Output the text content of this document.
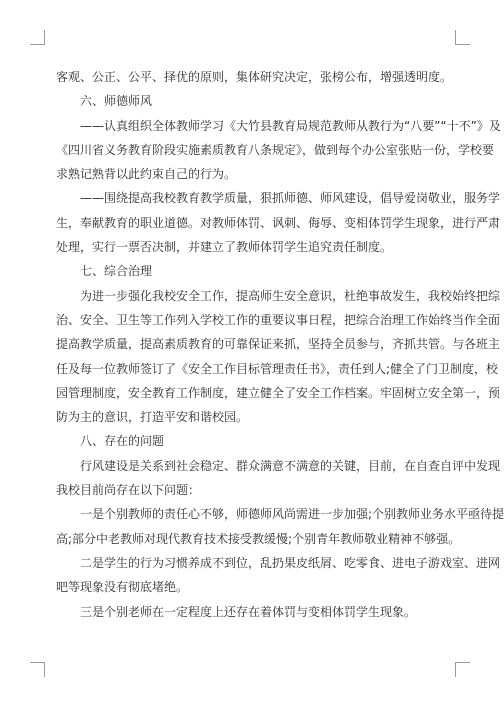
客观、公正、公平、择优的原则，集体研究决定，张榜公布，增强透明度。
六、师德师风
——认真组织全体教师学习《大竹县教育局规范教师从教行为“八要”“十不”》及
《四川省义务教育阶段实施素质教育八条规定》，做到每个办公室张贴一份，学校要
求熟记熟背以此约束自己的行为。
——围绕提高我校教育教学质量，狠抓师德、师风建设，倡导爱岗敬业，服务学
生，奉献教育的职业道德。对教师体罚、讽刺、侮辱、变相体罚学生现象，进行严肃
处理，实行一票否决制，并建立了教师体罚学生追究责任制度。
七、综合治理
为进一步强化我校安全工作，提高师生安全意识，杜绝事故发生，我校始终把综
治、安全、卫生等工作列入学校工作的重要议事日程，把综合治理工作始终当作全面
提高教学质量，提高素质教育的可靠保证来抓，坚持全员参与，齐抓共管。与各班主
任及每一位教师签订了《安全工作目标管理责任书》，责任到人;健全了门卫制度，校
园管理制度，安全教育工作制度，建立健全了安全工作档案。牢固树立安全第一，预
防为主的意识，打造平安和谐校园。
八、存在的问题
行风建设是关系到社会稳定、群众满意不满意的关键，目前，在自查自评中发现
我校目前尚存在以下问题：
一是个别教师的责任心不够，师德师风尚需进一步加强;个别教师业务水平亟待提
高;部分中老教师对现代教育技术接受教缓慢;个别青年教师敬业精神不够强。
二是学生的行为习惯养成不到位，乱扔果皮纸屑、吃零食、进电子游戏室、进网
吧等现象没有彻底堵绝。
三是个别老师在一定程度上还存在着体罚与变相体罚学生现象。
